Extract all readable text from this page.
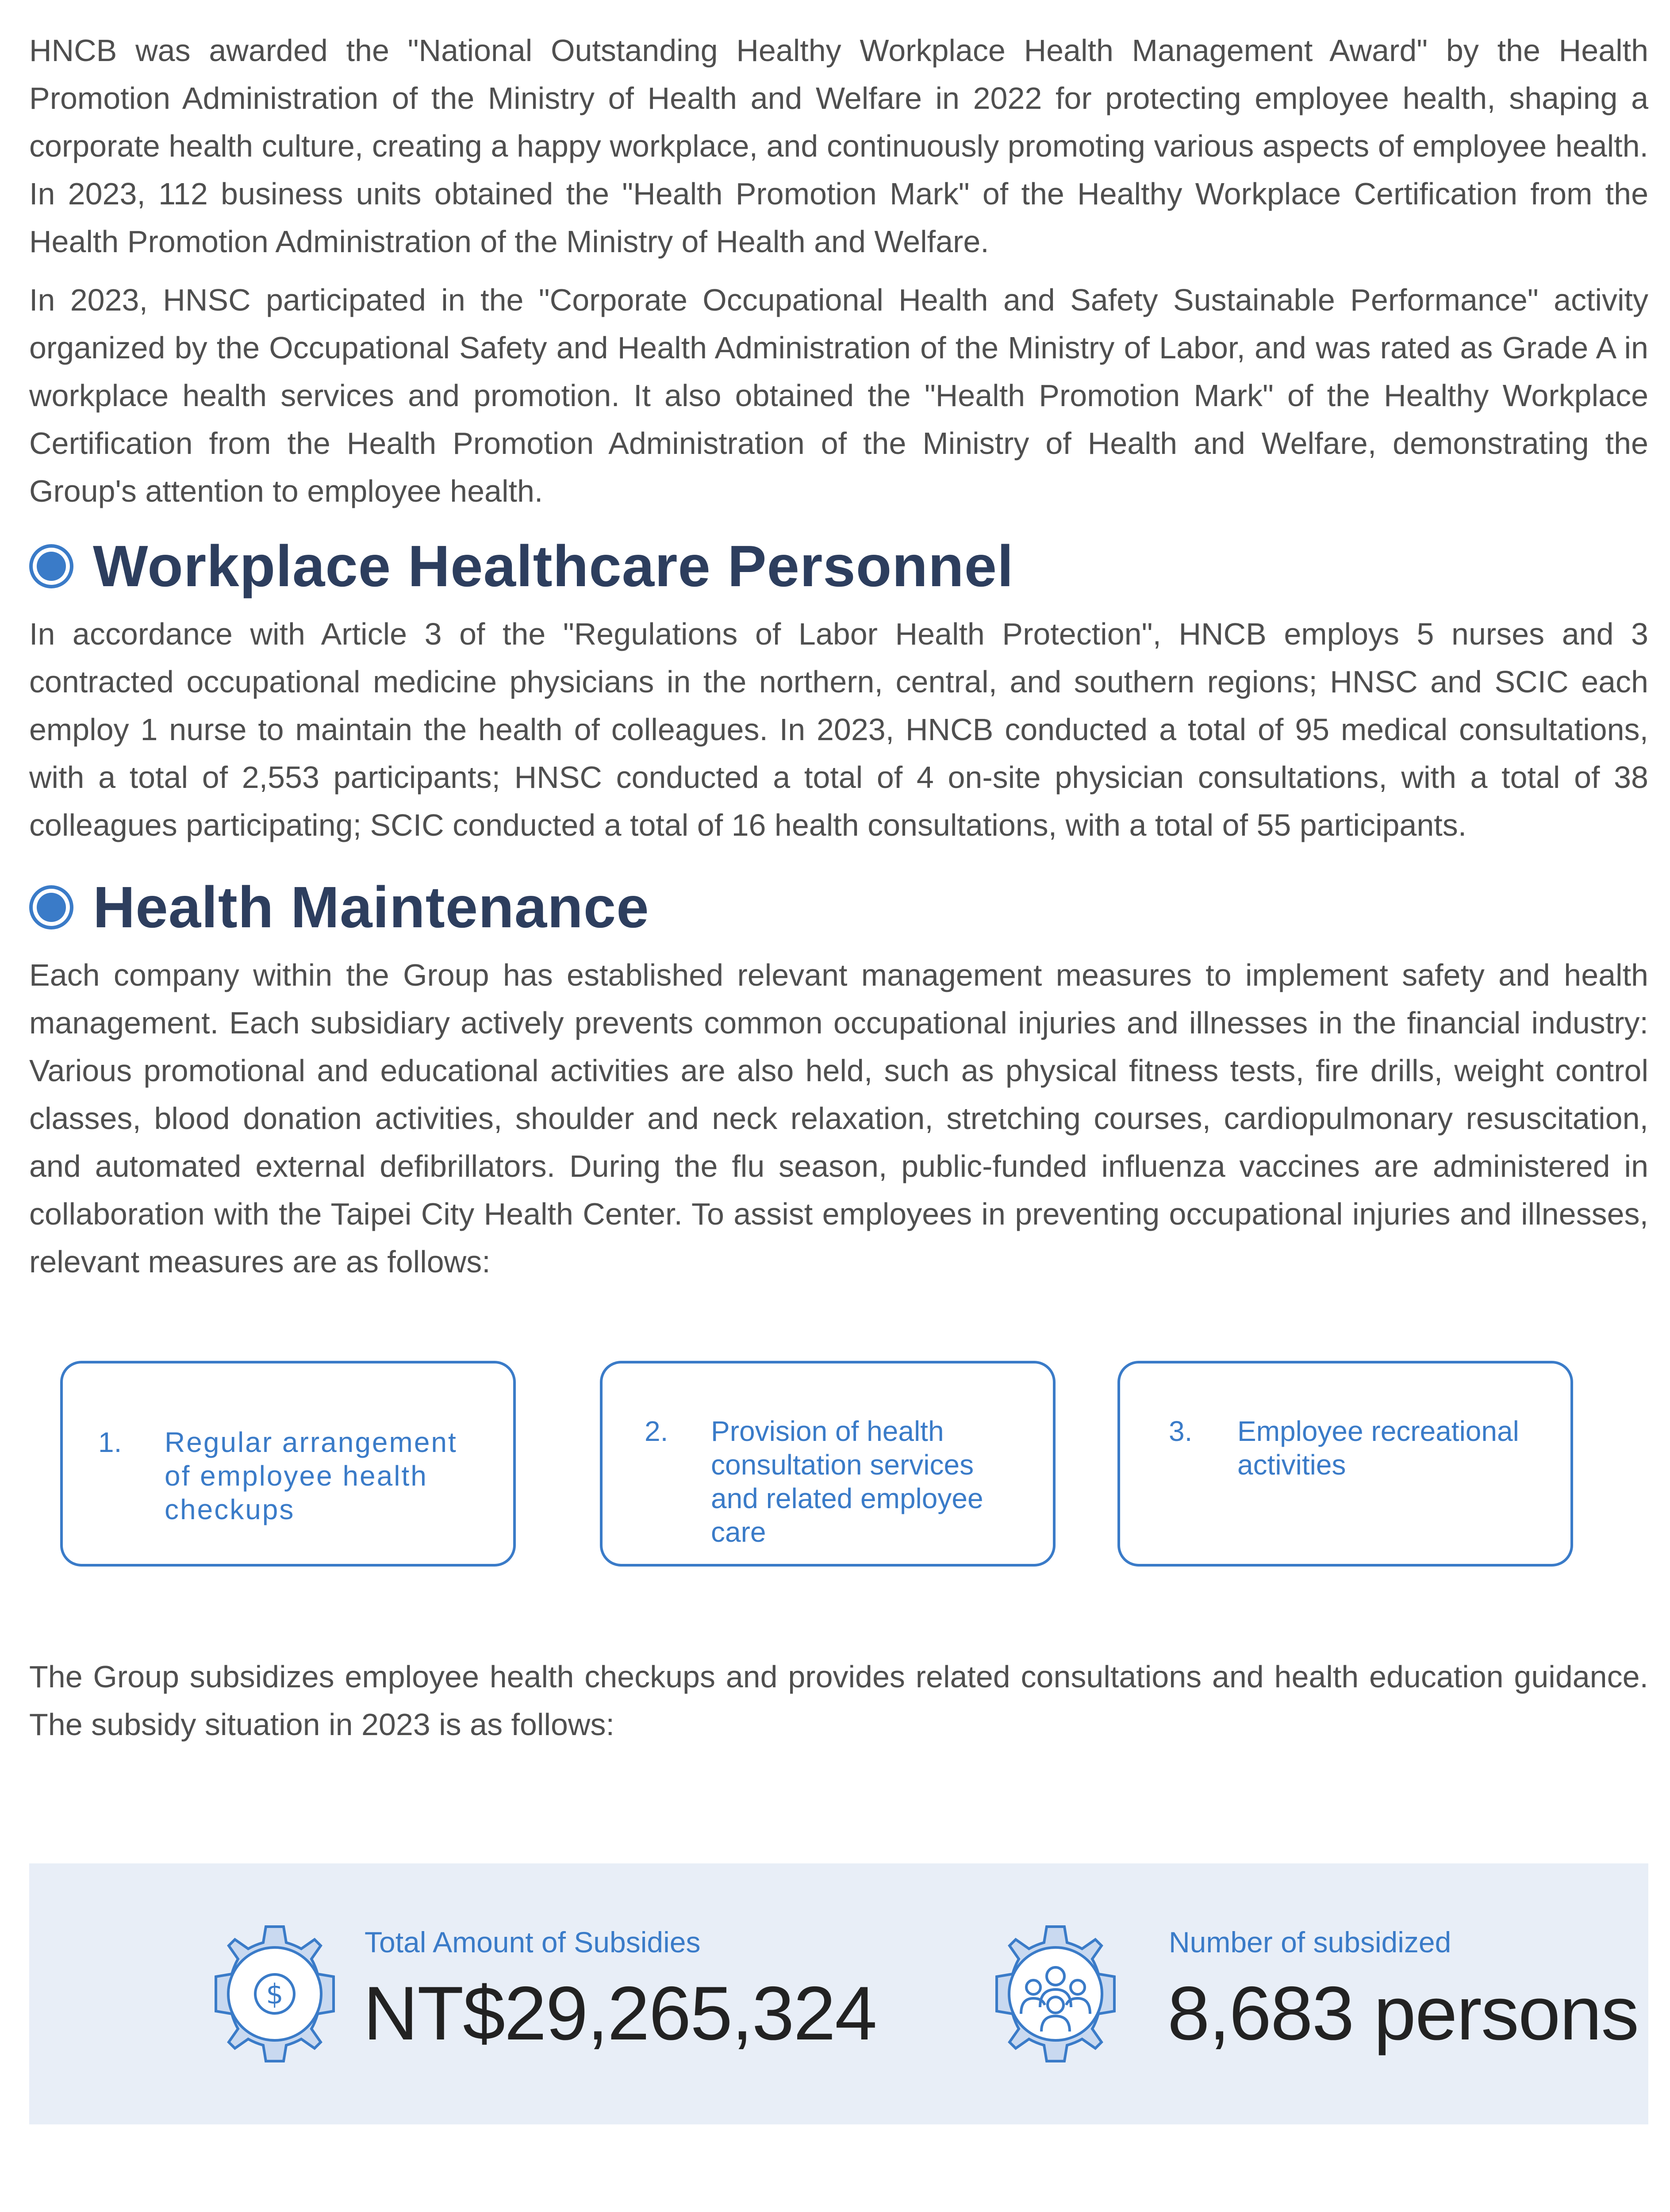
HNCB was awarded the "National Outstanding Healthy Workplace Health Management Award" by the Health Promotion Administration of the Ministry of Health and Welfare in 2022 for protecting employee health, shaping a corporate health culture, creating a happy workplace, and continuously promoting various aspects of employee health. In 2023, 112 business units obtained the "Health Promotion Mark" of the Healthy Workplace Certification from the Health Promotion Administration of the Ministry of Health and Welfare.

In 2023, HNSC participated in the "Corporate Occupational Health and Safety Sustainable Performance" activity organized by the Occupational Safety and Health Administration of the Ministry of Labor, and was rated as Grade A in workplace health services and promotion. It also obtained the "Health Promotion Mark" of the Healthy Workplace Certification from the Health Promotion Administration of the Ministry of Health and Welfare, demonstrating the Group's attention to employee health.

Workplace Healthcare Personnel

In accordance with Article 3 of the "Regulations of Labor Health Protection", HNCB employs 5 nurses and 3 contracted occupational medicine physicians in the northern, central, and southern regions; HNSC and SCIC each employ 1 nurse to maintain the health of colleagues. In 2023, HNCB conducted a total of 95 medical consultations, with a total of 2,553 participants; HNSC conducted a total of 4 on-site physician consultations, with a total of 38 colleagues participating; SCIC conducted a total of 16 health consultations, with a total of 55 participants.

Health Maintenance

Each company within the Group has established relevant management measures to implement safety and health management. Each subsidiary actively prevents common occupational injuries and illnesses in the financial industry: Various promotional and educational activities are also held, such as physical fitness tests, fire drills, weight control classes, blood donation activities, shoulder and neck relaxation, stretching courses, cardiopulmonary resuscitation, and automated external defibrillators. During the flu season, public-funded influenza vaccines are administered in collaboration with the Taipei City Health Center. To assist employees in preventing occupational injuries and illnesses, relevant measures are as follows:

1. Regular arrangement of employee health checkups
2. Provision of health consultation services and related employee care
3. Employee recreational activities

The Group subsidizes employee health checkups and provides related consultations and health education guidance. The subsidy situation in 2023 is as follows:

$
Total Amount of Subsidies
NT$29,265,324
Number of subsidized
8,683 persons
